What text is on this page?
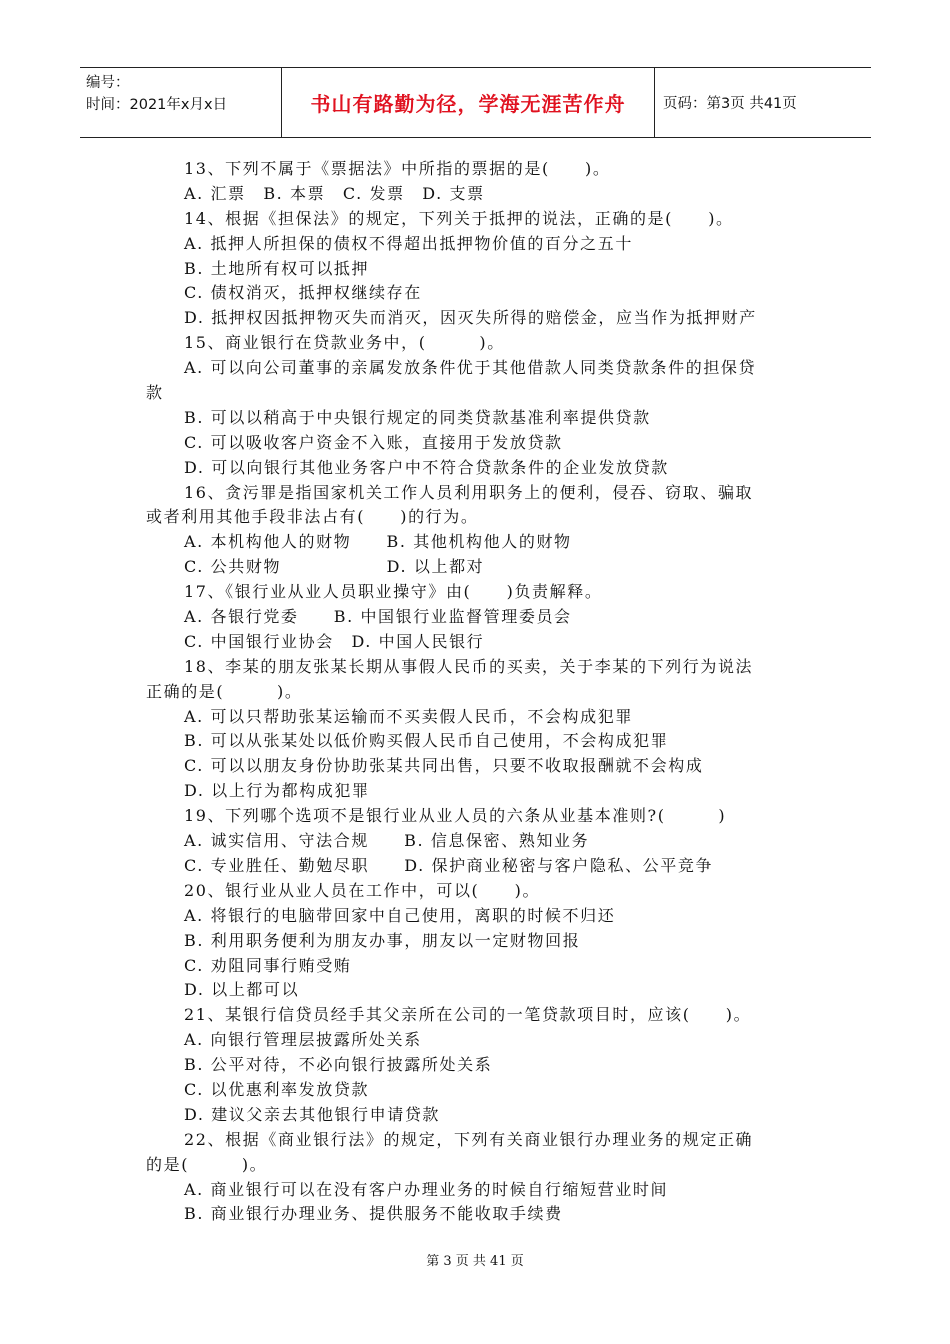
编号：
时间：2021年x月x日	书山有路勤为径，学海无涯苦作舟	页码：第3页 共41页
13、下列不属于《票据法》中所指的票据的是(　　)。
A. 汇票　B. 本票　C. 发票　D. 支票
14、根据《担保法》的规定，下列关于抵押的说法，正确的是(　　)。
A. 抵押人所担保的债权不得超出抵押物价值的百分之五十
B. 土地所有权可以抵押
C. 债权消灭，抵押权继续存在
D. 抵押权因抵押物灭失而消灭，因灭失所得的赔偿金，应当作为抵押财产
15、商业银行在贷款业务中，(　　　)。
A. 可以向公司董事的亲属发放条件优于其他借款人同类贷款条件的担保贷
款
B. 可以以稍高于中央银行规定的同类贷款基准利率提供贷款
C. 可以吸收客户资金不入账，直接用于发放贷款
D. 可以向银行其他业务客户中不符合贷款条件的企业发放贷款
16、贪污罪是指国家机关工作人员利用职务上的便利，侵吞、窃取、骗取
或者利用其他手段非法占有(　　)的行为。
A. 本机构他人的财物　　B. 其他机构他人的财物
C. 公共财物　　　　　　D. 以上都对
17、《银行业从业人员职业操守》由(　　)负责解释。
A. 各银行党委　　B. 中国银行业监督管理委员会
C. 中国银行业协会　D. 中国人民银行
18、李某的朋友张某长期从事假人民币的买卖，关于李某的下列行为说法
正确的是(　　　)。
A. 可以只帮助张某运输而不买卖假人民币，不会构成犯罪
B. 可以从张某处以低价购买假人民币自己使用，不会构成犯罪
C. 可以以朋友身份协助张某共同出售，只要不收取报酬就不会构成
D. 以上行为都构成犯罪
19、下列哪个选项不是银行业从业人员的六条从业基本准则?(　　　)
A. 诚实信用、守法合规　　B. 信息保密、熟知业务
C. 专业胜任、勤勉尽职　　D. 保护商业秘密与客户隐私、公平竞争
20、银行业从业人员在工作中，可以(　　)。
A. 将银行的电脑带回家中自己使用，离职的时候不归还
B. 利用职务便利为朋友办事，朋友以一定财物回报
C. 劝阻同事行贿受贿
D. 以上都可以
21、某银行信贷员经手其父亲所在公司的一笔贷款项目时，应该(　　)。
A. 向银行管理层披露所处关系
B. 公平对待，不必向银行披露所处关系
C. 以优惠利率发放贷款
D. 建议父亲去其他银行申请贷款
22、根据《商业银行法》的规定，下列有关商业银行办理业务的规定正确
的是(　　　)。
A. 商业银行可以在没有客户办理业务的时候自行缩短营业时间
B. 商业银行办理业务、提供服务不能收取手续费
第 3 页 共 41 页
